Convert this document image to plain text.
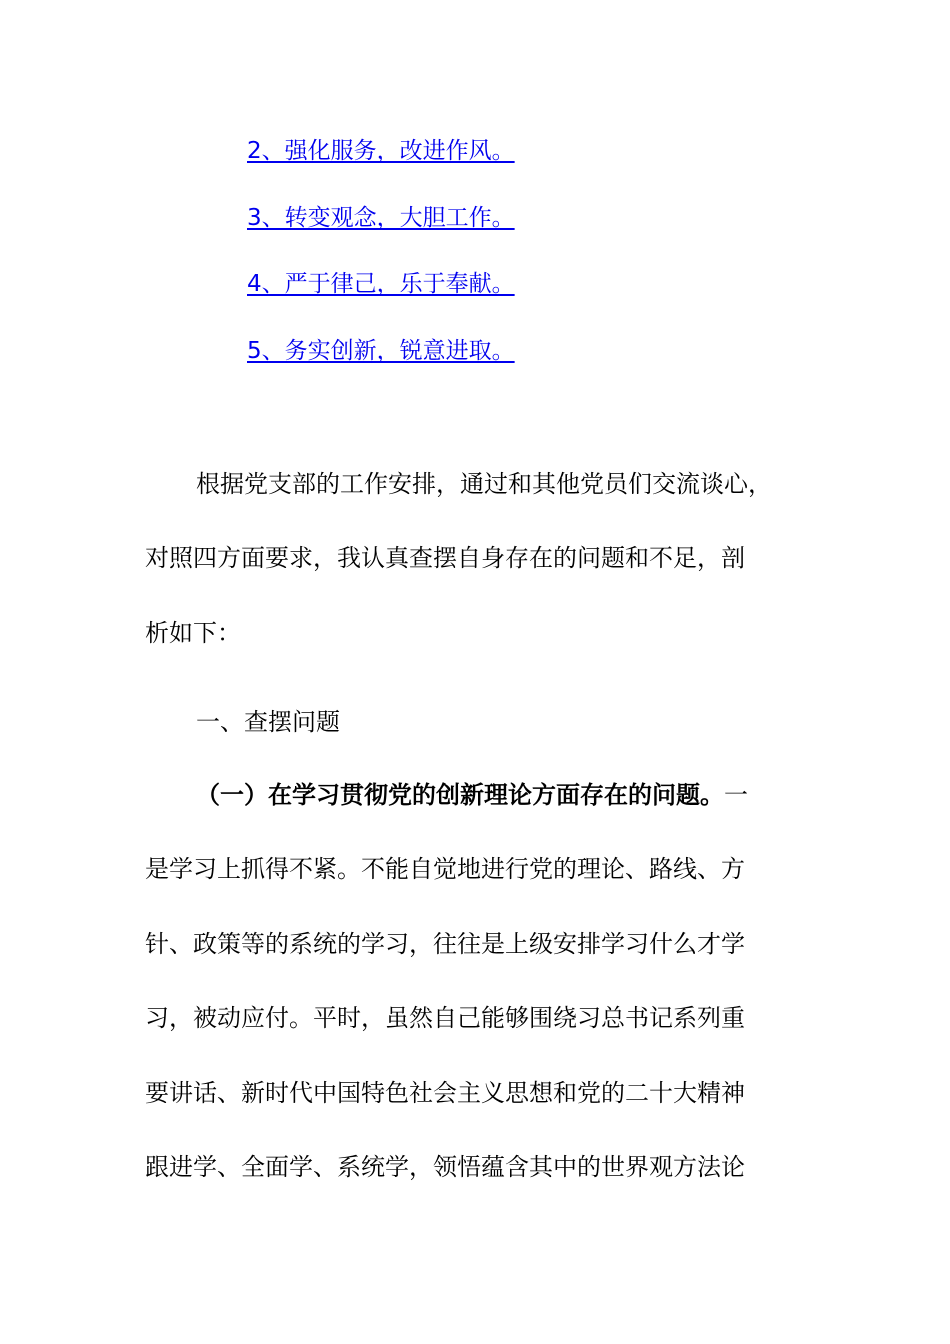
2、强化服务，改进作风。
3、转变观念，大胆工作。
4、严于律己，乐于奉献。
5、务实创新，锐意进取。
根据党支部的工作安排，通过和其他党员们交流谈心，
对照四方面要求，我认真查摆自身存在的问题和不足，剖
析如下：
一、查摆问题
（一）在学习贯彻党的创新理论方面存在的问题。一
是学习上抓得不紧。不能自觉地进行党的理论、路线、方
针、政策等的系统的学习，往往是上级安排学习什么才学
习，被动应付。平时，虽然自己能够围绕习总书记系列重
要讲话、新时代中国特色社会主义思想和党的二十大精神
跟进学、全面学、系统学，领悟蕴含其中的世界观方法论
